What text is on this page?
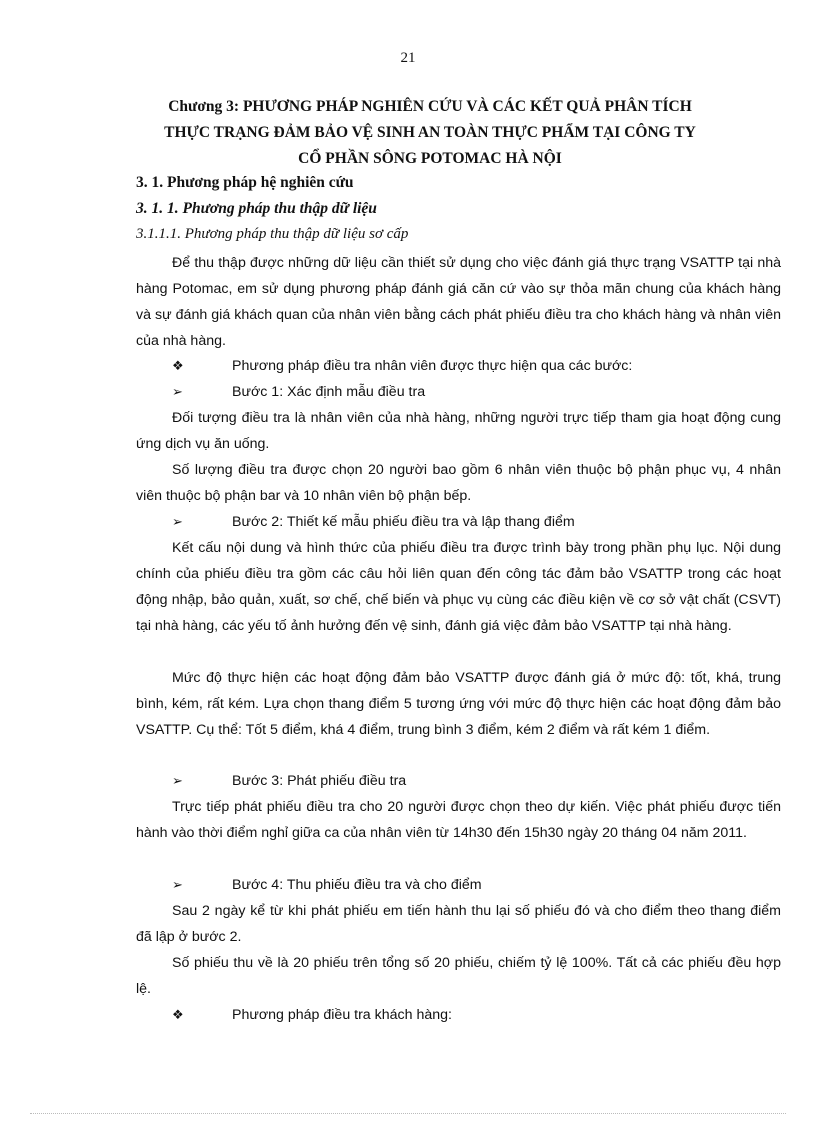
21
Chương 3: PHƯƠNG PHÁP NGHIÊN CỨU VÀ CÁC KẾT QUẢ PHÂN TÍCH
THỰC TRẠNG ĐẢM BẢO VỆ SINH AN TOÀN THỰC PHẨM TẠI CÔNG TY
CỔ PHẦN SÔNG POTOMAC HÀ NỘI
3. 1. Phương pháp hệ nghiên cứu
3. 1. 1. Phương pháp thu thập dữ liệu
3.1.1.1. Phương pháp thu thập dữ liệu sơ cấp

Để thu thập được những dữ liệu cần thiết sử dụng cho việc đánh giá thực trạng VSATTP tại nhà hàng Potomac, em sử dụng phương pháp đánh giá căn cứ vào sự thỏa mãn chung của khách hàng và sự đánh giá khách quan của nhân viên bằng cách phát phiếu điều tra cho khách hàng và nhân viên của nhà hàng.

❖	Phương pháp điều tra nhân viên được thực hiện qua các bước:
➢	Bước 1: Xác định mẫu điều tra

Đối tượng điều tra là nhân viên của nhà hàng, những người trực tiếp tham gia hoạt động cung ứng dịch vụ ăn uống.

Số lượng điều tra được chọn 20 người bao gồm 6 nhân viên thuộc bộ phận phục vụ, 4 nhân viên thuộc bộ phận bar và 10 nhân viên bộ phận bếp.

➢	Bước 2: Thiết kế mẫu phiếu điều tra và lập thang điểm

Kết cấu nội dung và hình thức của phiếu điều tra được trình bày trong phần phụ lục. Nội dung chính của phiếu điều tra gồm các câu hỏi liên quan đến công tác đảm bảo VSATTP trong các hoạt động nhập, bảo quản, xuất, sơ chế, chế biến và phục vụ cùng các điều kiện về cơ sở vật chất (CSVT) tại nhà hàng, các yếu tố ảnh hưởng đến vệ sinh, đánh giá việc đảm bảo VSATTP tại nhà hàng.

Mức độ thực hiện các hoạt động đảm bảo VSATTP được đánh giá ở mức độ: tốt, khá, trung bình, kém, rất kém. Lựa chọn thang điểm 5 tương ứng với mức độ thực hiện các hoạt động đảm bảo VSATTP. Cụ thể: Tốt 5 điểm, khá 4 điểm, trung bình 3 điểm, kém 2 điểm và rất kém 1 điểm.

➢	Bước 3: Phát phiếu điều tra

Trực tiếp phát phiếu điều tra cho 20 người được chọn theo dự kiến. Việc phát phiếu được tiến hành vào thời điểm nghỉ giữa ca của nhân viên từ 14h30 đến 15h30 ngày 20 tháng 04 năm 2011.

➢	Bước 4: Thu phiếu điều tra và cho điểm

Sau 2 ngày kể từ khi phát phiếu em tiến hành thu lại số phiếu đó và cho điểm theo thang điểm đã lập ở bước 2.

Số phiếu thu về là 20 phiếu trên tổng số 20 phiếu, chiếm tỷ lệ 100%. Tất cả các phiếu đều hợp lệ.

❖	Phương pháp điều tra khách hàng:
